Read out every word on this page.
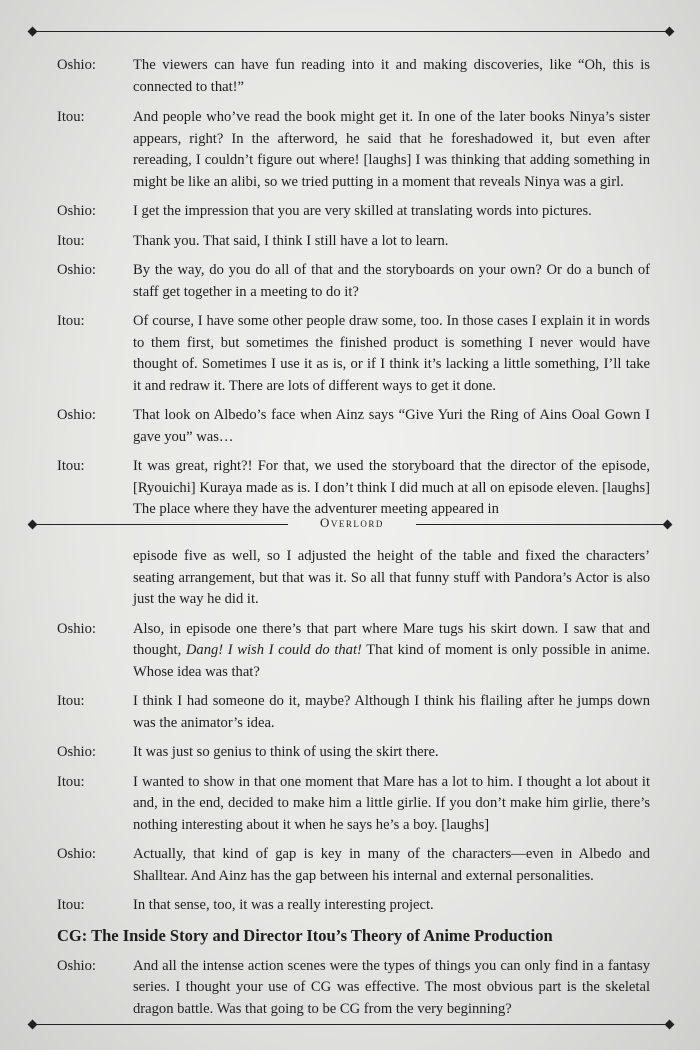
Oshio:	The viewers can have fun reading into it and making discoveries, like “Oh, this is connected to that!”
Itou:	And people who’ve read the book might get it. In one of the later books Ninya’s sister appears, right? In the afterword, he said that he foreshadowed it, but even after rereading, I couldn’t figure out where! [laughs] I was thinking that adding something in might be like an alibi, so we tried putting in a moment that reveals Ninya was a girl.
Oshio:	I get the impression that you are very skilled at translating words into pictures.
Itou:	Thank you. That said, I think I still have a lot to learn.
Oshio:	By the way, do you do all of that and the storyboards on your own? Or do a bunch of staff get together in a meeting to do it?
Itou:	Of course, I have some other people draw some, too. In those cases I explain it in words to them first, but sometimes the finished product is something I never would have thought of. Sometimes I use it as is, or if I think it’s lacking a little something, I’ll take it and redraw it. There are lots of different ways to get it done.
Oshio:	That look on Albedo’s face when Ainz says “Give Yuri the Ring of Ains Ooal Gown I gave you” was…
Itou:	It was great, right?! For that, we used the storyboard that the director of the episode, [Ryouichi] Kuraya made as is. I don’t think I did much at all on episode eleven. [laughs] The place where they have the adventurer meeting appeared in
Overlord
episode five as well, so I adjusted the height of the table and fixed the characters’ seating arrangement, but that was it. So all that funny stuff with Pandora’s Actor is also just the way he did it.
Oshio:	Also, in episode one there’s that part where Mare tugs his skirt down. I saw that and thought, Dang! I wish I could do that! That kind of moment is only possible in anime. Whose idea was that?
Itou:	I think I had someone do it, maybe? Although I think his flailing after he jumps down was the animator’s idea.
Oshio:	It was just so genius to think of using the skirt there.
Itou:	I wanted to show in that one moment that Mare has a lot to him. I thought a lot about it and, in the end, decided to make him a little girlie. If you don’t make him girlie, there’s nothing interesting about it when he says he’s a boy. [laughs]
Oshio:	Actually, that kind of gap is key in many of the characters—even in Albedo and Shalltear. And Ainz has the gap between his internal and external personalities.
Itou:	In that sense, too, it was a really interesting project.
CG: The Inside Story and Director Itou’s Theory of Anime Production
Oshio:	And all the intense action scenes were the types of things you can only find in a fantasy series. I thought your use of CG was effective. The most obvious part is the skeletal dragon battle. Was that going to be CG from the very beginning?
